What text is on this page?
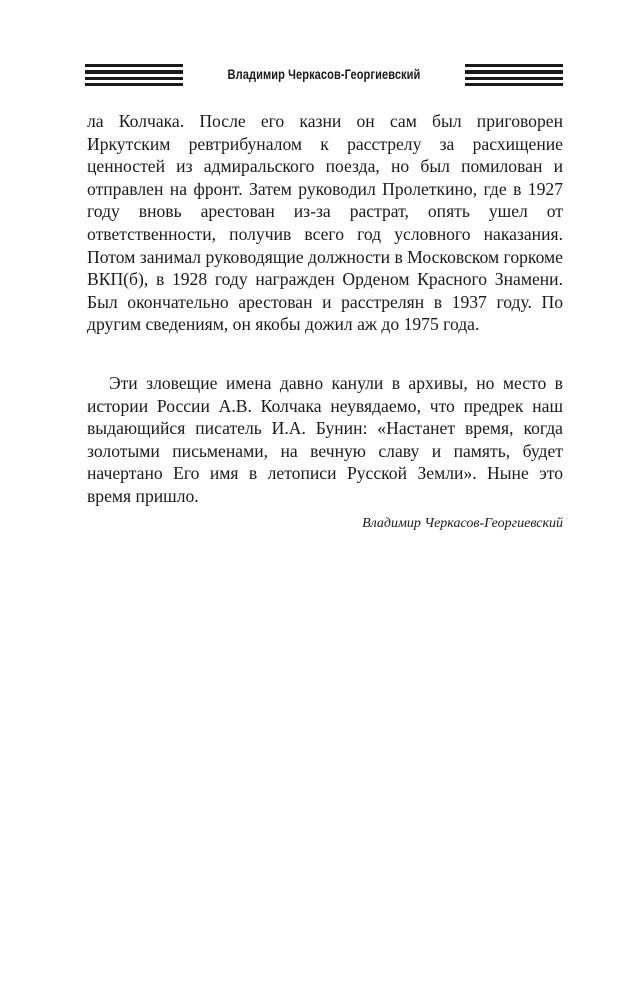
Владимир Черкасов-Георгиевский

ла Колчака. После его казни он сам был приговорен Иркутским ревтрибуналом к расстрелу за расхищение ценностей из адмиральского поезда, но был помилован и отправлен на фронт. Затем руководил Пролеткино, где в 1927 году вновь арестован из-за растрат, опять ушел от ответственности, получив всего год условного наказания. Потом занимал руководящие должности в Московском горкоме ВКП(б), в 1928 году награжден Орденом Красного Знамени. Был окончательно арестован и расстрелян в 1937 году. По другим сведениям, он якобы дожил аж до 1975 года.

Эти зловещие имена давно канули в архивы, но место в истории России А.В. Колчака неувядаемо, что предрек наш выдающийся писатель И.А. Бунин: «Настанет время, когда золотыми письменами, на вечную славу и память, будет начертано Его имя в летописи Русской Земли». Ныне это время пришло.

Владимир Черкасов-Георгиевский
